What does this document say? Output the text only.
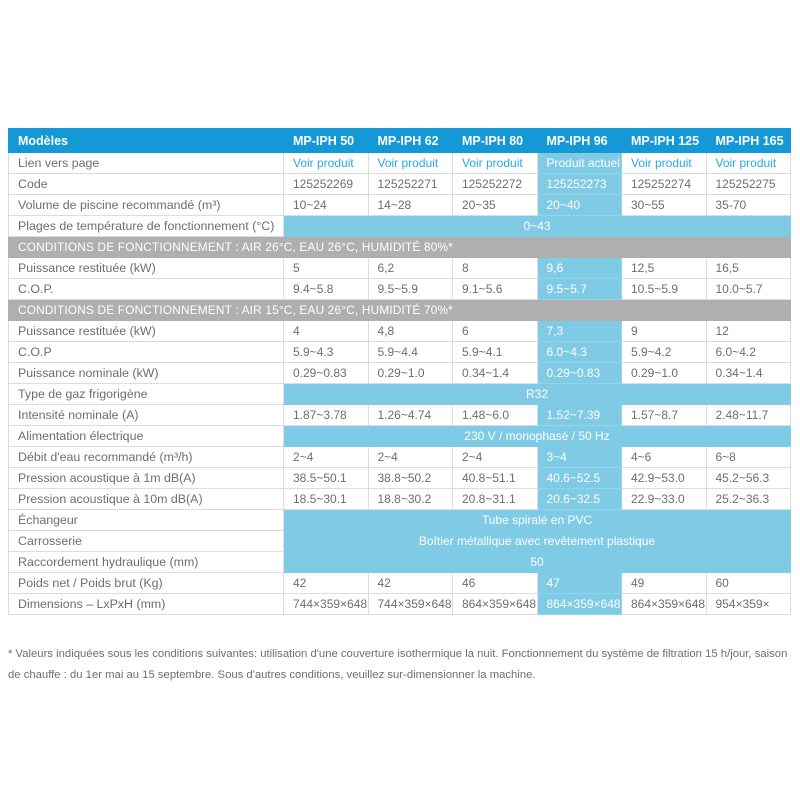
Modèles	MP-IPH 50	MP-IPH 62	MP-IPH 80	MP-IPH 96	MP-IPH 125	MP-IPH 165
Lien vers page	Voir produit	Voir produit	Voir produit	Produit actuel	Voir produit	Voir produit
Code	125252269	125252271	125252272	125252273	125252274	125252275
Volume de piscine recommandé (m³)	10~24	14~28	20~35	20~40	30~55	35-70
Plages de température de fonctionnement (°C)	0~43					
CONDITIONS DE FONCTIONNEMENT : AIR 26°C, EAU 26°C, HUMIDITÉ 80%*						
Puissance restituée (kW)	5	6,2	8	9,6	12,5	16,5
C.O.P.	9.4~5.8	9.5~5.9	9.1~5.6	9.5~5.7	10.5~5.9	10.0~5.7
CONDITIONS DE FONCTIONNEMENT : AIR 15°C, EAU 26°C, HUMIDITÉ 70%*						
Puissance restituée (kW)	4	4,8	6	7,3	9	12
C.O.P	5.9~4.3	5.9~4.4	5.9~4.1	6.0~4.3	5.9~4.2	6.0~4.2
Puissance nominale (kW)	0.29~0.83	0.29~1.0	0.34~1.4	0.29~0.83	0.29~1.0	0.34~1.4
Type de gaz frigorigène	R32					
Intensité nominale (A)	1.87~3.78	1.26~4.74	1.48~6.0	1.52~7.39	1.57~8.7	2.48~11.7
Alimentation électrique	230 V / monophasé / 50 Hz					
Débit d'eau recommandé (m³/h)	2~4	2~4	2~4	3~4	4~6	6~8
Pression acoustique à 1m dB(A)	38.5~50.1	38.8~50.2	40.8~51.1	40.6~52.5	42.9~53.0	45.2~56.3
Pression acoustique à 10m dB(A)	18.5~30.1	18.8~30.2	20.8~31.1	20.6~32.5	22.9~33.0	25.2~36.3
Échangeur	Tube spiralé en PVC					
Carrosserie	Boîtier métallique avec revêtement plastique					
Raccordement hydraulique (mm)	50					
Poids net / Poids brut (Kg)	42	42	46	47	49	60
Dimensions – LxPxH (mm)	744×359×648	744×359×648	864×359×648	864×359×648	864×359×648	954×359×

* Valeurs indiquées sous les conditions suivantes: utilisation d'une couverture isothermique la nuit. Fonctionnement du système de filtration 15 h/jour, saison de chauffe : du 1er mai au 15 septembre. Sous d'autres conditions, veuillez sur-dimensionner la machine.
